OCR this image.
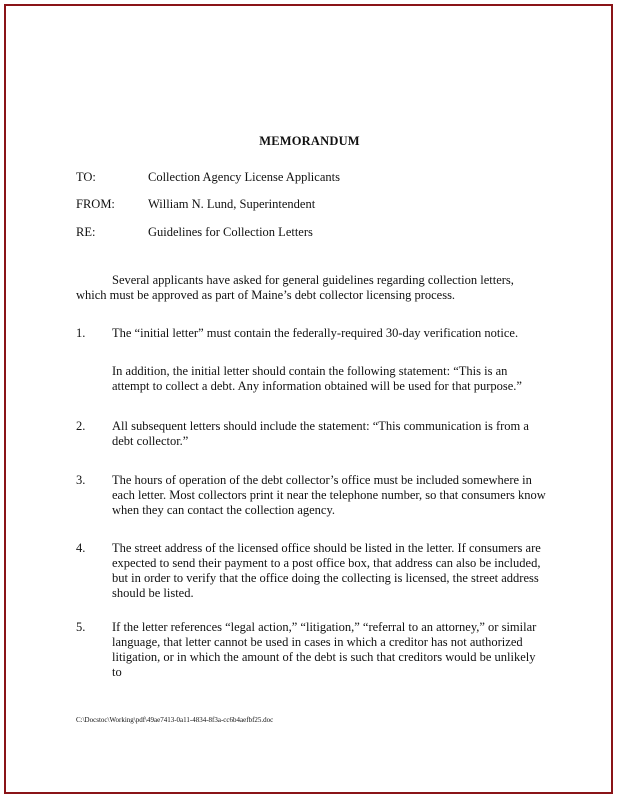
MEMORANDUM
TO:	Collection Agency License Applicants
FROM:	William N. Lund, Superintendent
RE:	Guidelines for Collection Letters
Several applicants have asked for general guidelines regarding collection letters, which must be approved as part of Maine’s debt collector licensing process.
1. The “initial letter” must contain the federally-required 30-day verification notice.
In addition, the initial letter should contain the following statement: “This is an attempt to collect a debt. Any information obtained will be used for that purpose.”
2. All subsequent letters should include the statement: “This communication is from a debt collector.”
3. The hours of operation of the debt collector’s office must be included somewhere in each letter. Most collectors print it near the telephone number, so that consumers know when they can contact the collection agency.
4. The street address of the licensed office should be listed in the letter. If consumers are expected to send their payment to a post office box, that address can also be included, but in order to verify that the office doing the collecting is licensed, the street address should be listed.
5. If the letter references “legal action,” “litigation,” “referral to an attorney,” or similar language, that letter cannot be used in cases in which a creditor has not authorized litigation, or in which the amount of the debt is such that creditors would be unlikely to
C:\Docstoc\Working\pdf\49ae7413-0a11-4834-8f3a-cc6b4aefbf25.doc
